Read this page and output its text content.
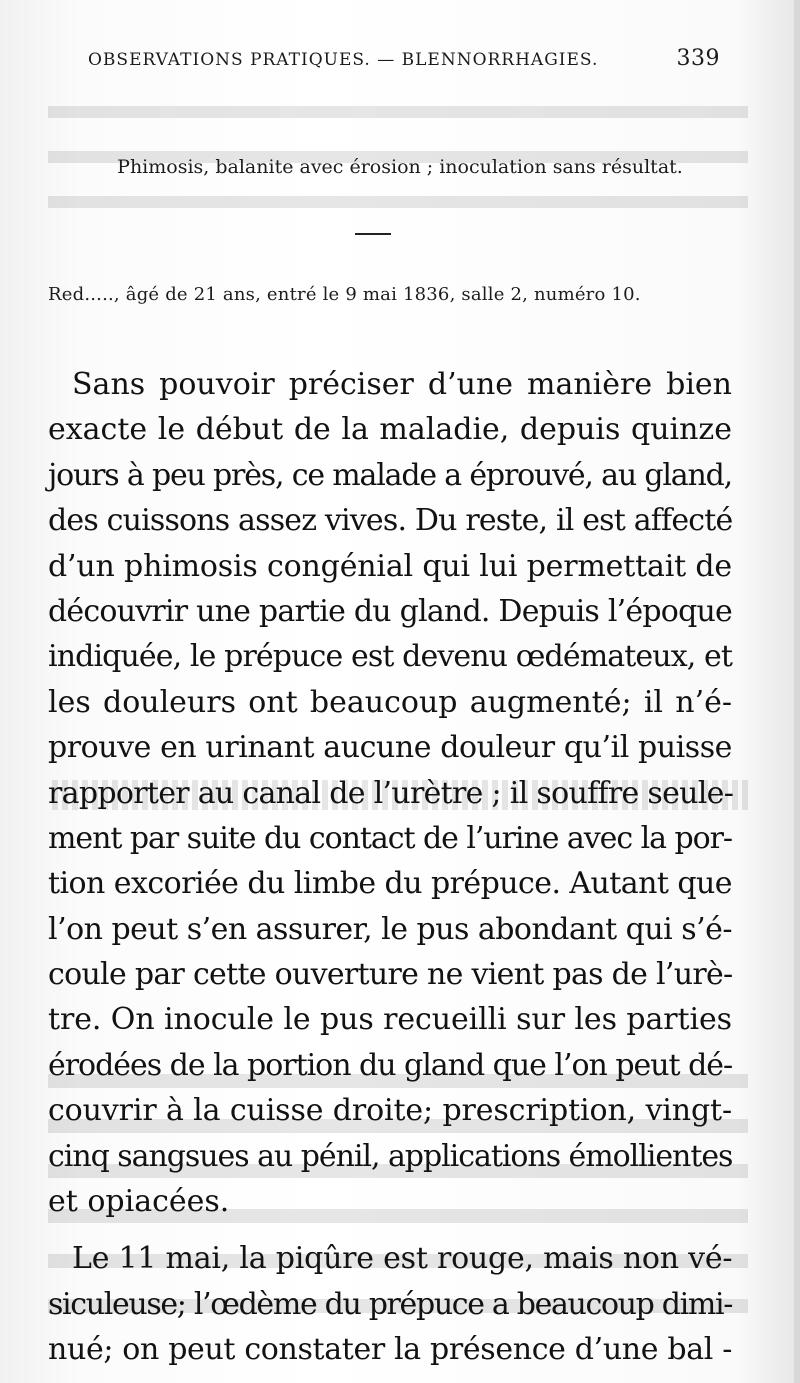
OBSERVATIONS PRATIQUES. — BLENNORRHAGIES.	339
Phimosis, balanite avec érosion ; inoculation sans résultat.
Red....., âgé de 21 ans, entré le 9 mai 1836, salle 2, numéro 10.
Sans pouvoir préciser d’une manière bien
exacte le début de la maladie, depuis quinze
jours à peu près, ce malade a éprouvé, au gland,
des cuissons assez vives. Du reste, il est affecté
d’un phimosis congénial qui lui permettait de
découvrir une partie du gland. Depuis l’époque
indiquée, le prépuce est devenu œdémateux, et
les douleurs ont beaucoup augmenté; il n’é-
prouve en urinant aucune douleur qu’il puisse
rapporter au canal de l’urètre ; il souffre seule-
ment par suite du contact de l’urine avec la por-
tion excoriée du limbe du prépuce. Autant que
l’on peut s’en assurer, le pus abondant qui s’é-
coule par cette ouverture ne vient pas de l’urè-
tre. On inocule le pus recueilli sur les parties
érodées de la portion du gland que l’on peut dé-
couvrir à la cuisse droite; prescription, vingt-
cinq sangsues au pénil, applications émollientes
et opiacées.
Le 11 mai, la piqûre est rouge, mais non vé-
siculeuse; l’œdème du prépuce a beaucoup dimi-
nué; on peut constater la présence d’une bal -
